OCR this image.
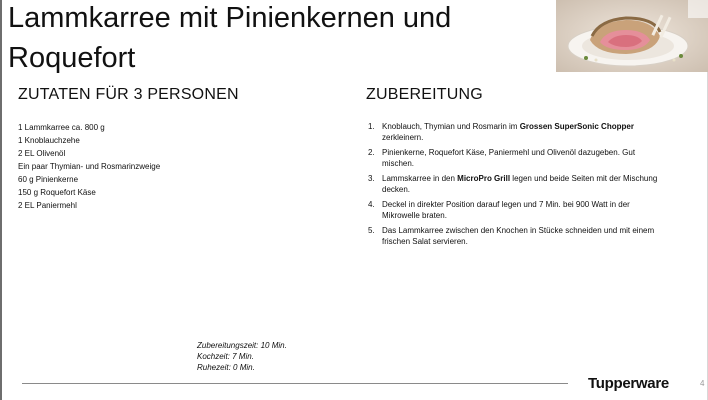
Lammkarree mit Pinienkernen und Roquefort
ZUTATEN FÜR 3 PERSONEN
1 Lammkarree ca. 800 g
1 Knoblauchzehe
2 EL Olivenöl
Ein paar Thymian- und Rosmarinzweige
60 g Pinienkerne
150 g Roquefort Käse
2 EL Paniermehl
ZUBEREITUNG
1. Knoblauch, Thymian und Rosmarin im Grossen SuperSonic Chopper zerkleinern.
2. Pinienkerne, Roquefort Käse, Paniermehl und Olivenöl dazugeben. Gut mischen.
3. Lammskarree in den MicroPro Grill legen und beide Seiten mit der Mischung decken.
4. Deckel in direkter Position darauf legen und 7 Min. bei 900 Watt in der Mikrowelle braten.
5. Das Lammkarree zwischen den Knochen in Stücke schneiden und mit einem frischen Salat servieren.
Zubereitungszeit: 10 Min.
Kochzeit: 7 Min.
Ruhezeit: 0 Min.
Tupperware	4
